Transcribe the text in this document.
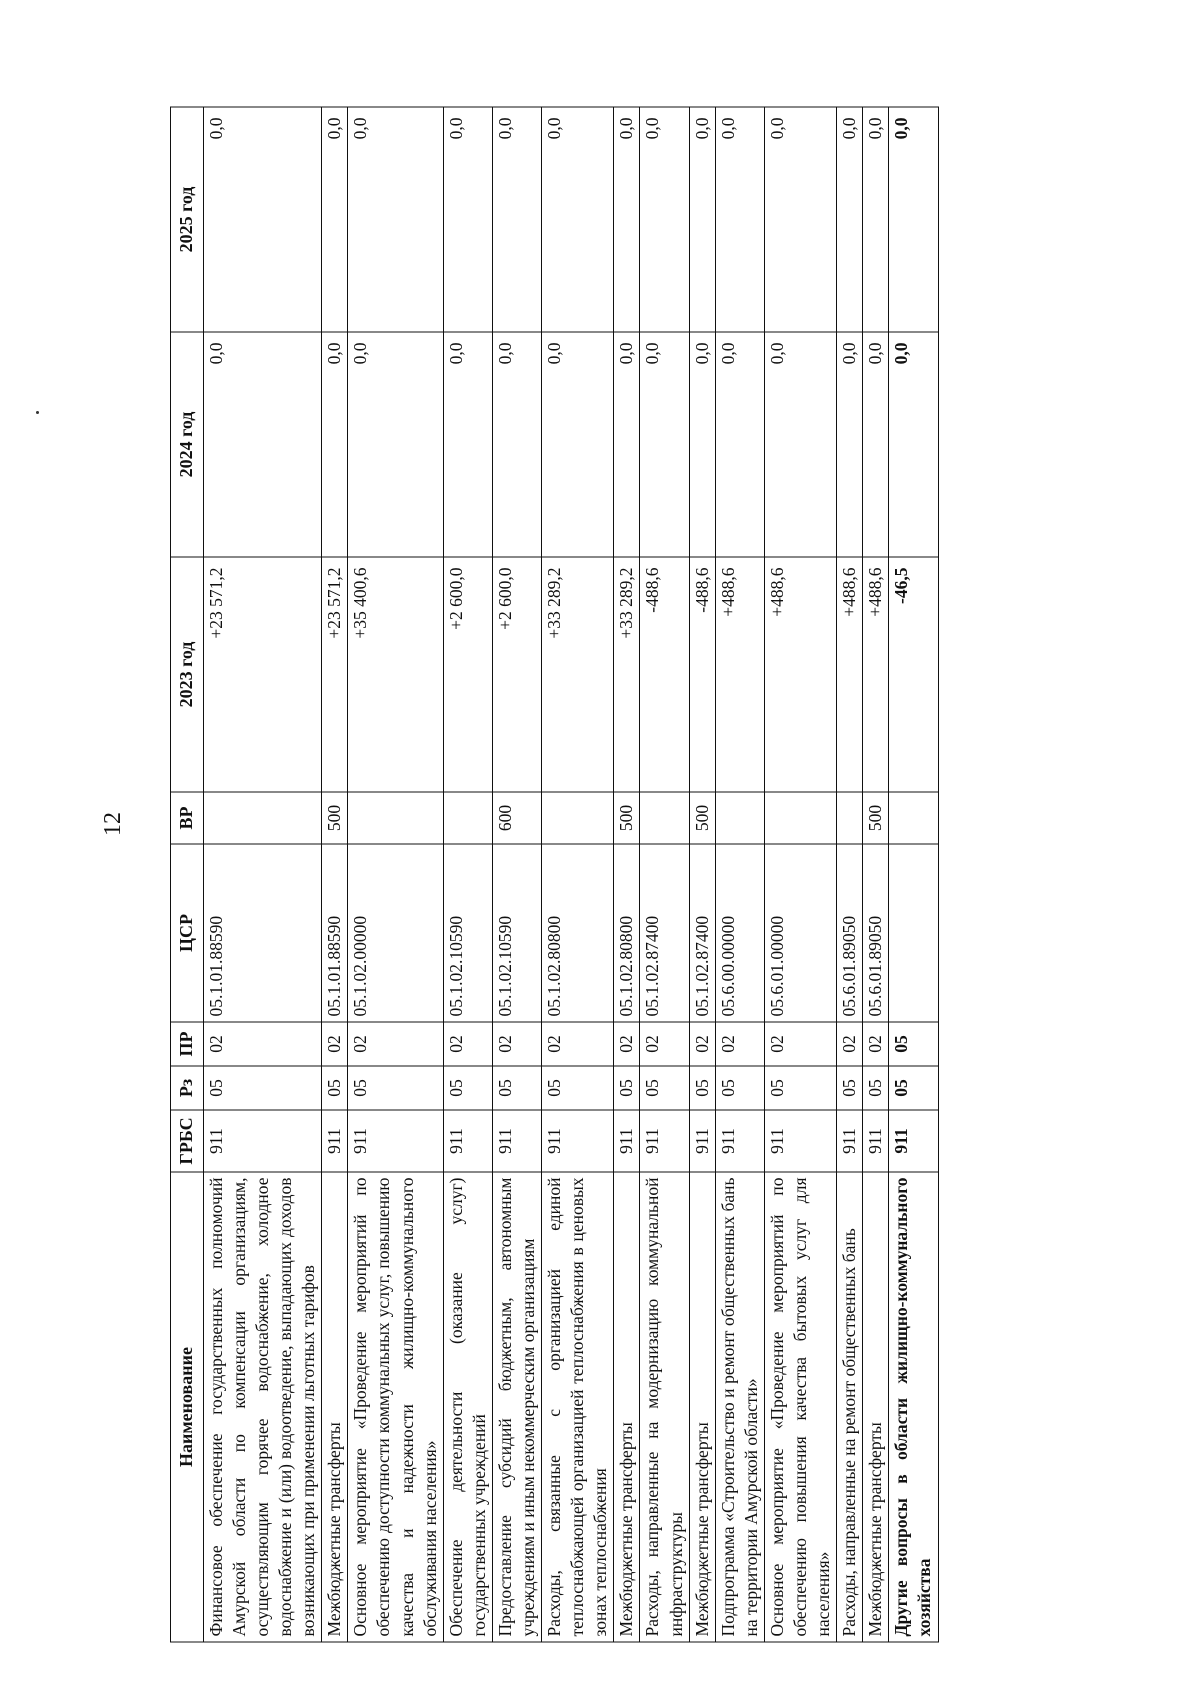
12
Наименование	ГРБС	Рз	ПР	ЦСР	ВР	2023 год	2024 год	2025 год
Финансовое обеспечение государственных полномочий Амурской области по компенсации организациям, осуществляющим горячее водоснабжение, холодное водоснабжение и (или) водоотведение, выпадающих доходов возникающих при применении льготных тарифов	911	05	02	05.1.01.88590		+23 571,2	0,0	0,0
Межбюджетные трансферты	911	05	02	05.1.01.88590	500	+23 571,2	0,0	0,0
Основное мероприятие «Проведение мероприятий по обеспечению доступности коммунальных услуг, повышению качества и надежности жилищно-коммунального обслуживания населения»	911	05	02	05.1.02.00000		+35 400,6	0,0	0,0
Обеспечение деятельности (оказание услуг) государственных учреждений	911	05	02	05.1.02.10590		+2 600,0	0,0	0,0
Предоставление субсидий бюджетным, автономным учреждениям и иным некоммерческим организациям	911	05	02	05.1.02.10590	600	+2 600,0	0,0	0,0
Расходы, связанные с организацией единой теплоснабжающей организацией теплоснабжения в ценовых зонах теплоснабжения	911	05	02	05.1.02.80800		+33 289,2	0,0	0,0
Межбюджетные трансферты	911	05	02	05.1.02.80800	500	+33 289,2	0,0	0,0
Расходы, направленные на модернизацию коммунальной инфраструктуры	911	05	02	05.1.02.87400		-488,6	0,0	0,0
Межбюджетные трансферты	911	05	02	05.1.02.87400	500	-488,6	0,0	0,0
Подпрограмма «Строительство и ремонт общественных бань на территории Амурской области»	911	05	02	05.6.00.00000		+488,6	0,0	0,0
Основное мероприятие «Проведение мероприятий по обеспечению повышения качества бытовых услуг для населения»	911	05	02	05.6.01.00000		+488,6	0,0	0,0
Расходы, направленные на ремонт общественных бань	911	05	02	05.6.01.89050		+488,6	0,0	0,0
Межбюджетные трансферты	911	05	02	05.6.01.89050	500	+488,6	0,0	0,0
Другие вопросы в области жилищно-коммунального хозяйства	911	05	05			-46,5	0,0	0,0
